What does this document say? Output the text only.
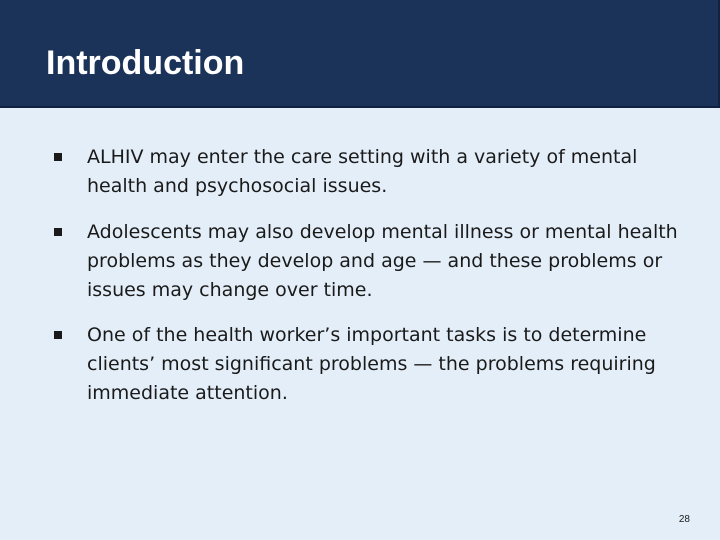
Introduction

ALHIV may enter the care setting with a variety of mental health and psychosocial issues.

Adolescents may also develop mental illness or mental health problems as they develop and age — and these problems or issues may change over time.

One of the health worker’s important tasks is to determine clients’ most significant problems — the problems requiring immediate attention.

28
